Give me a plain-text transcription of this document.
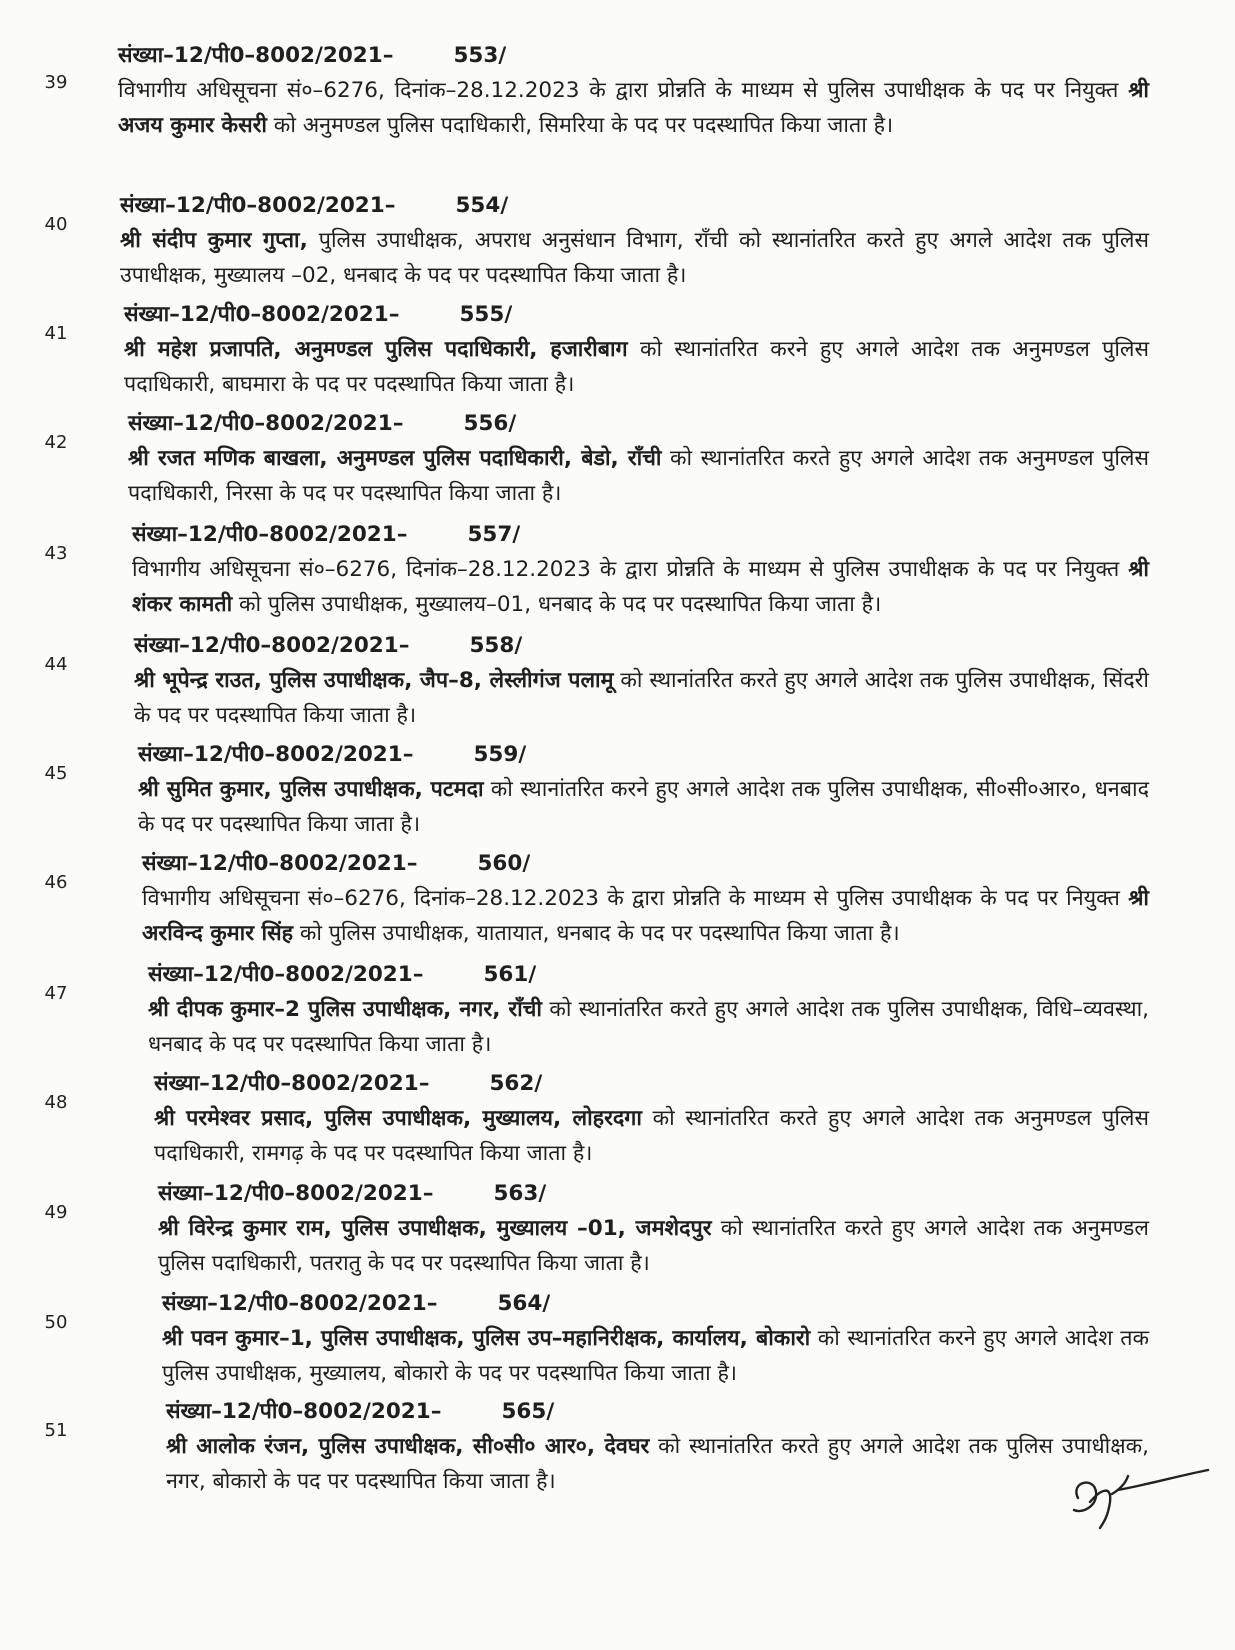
39
संख्या–12/पी0–8002/2021–	553/
विभागीय अधिसूचना सं०–6276, दिनांक–28.12.2023 के द्वारा प्रोन्नति के माध्यम से पुलिस उपाधीक्षक के पद पर नियुक्त श्री अजय कुमार केसरी को अनुमण्डल पुलिस पदाधिकारी, सिमरिया के पद पर पदस्थापित किया जाता है।
40
संख्या–12/पी0–8002/2021–	554/
श्री संदीप कुमार गुप्ता, पुलिस उपाधीक्षक, अपराध अनुसंधान विभाग, राँची को स्थानांतरित करते हुए अगले आदेश तक पुलिस उपाधीक्षक, मुख्यालय –02, धनबाद के पद पर पदस्थापित किया जाता है।
41
संख्या–12/पी0–8002/2021–	555/
श्री महेश प्रजापति, अनुमण्डल पुलिस पदाधिकारी, हजारीबाग को स्थानांतरित करने हुए अगले आदेश तक अनुमण्डल पुलिस पदाधिकारी, बाघमारा के पद पर पदस्थापित किया जाता है।
42
संख्या–12/पी0–8002/2021–	556/
श्री रजत मणिक बाखला, अनुमण्डल पुलिस पदाधिकारी, बेडो, राँची को स्थानांतरित करते हुए अगले आदेश तक अनुमण्डल पुलिस पदाधिकारी, निरसा के पद पर पदस्थापित किया जाता है।
43
संख्या–12/पी0–8002/2021–	557/
विभागीय अधिसूचना सं०–6276, दिनांक–28.12.2023 के द्वारा प्रोन्नति के माध्यम से पुलिस उपाधीक्षक के पद पर नियुक्त श्री शंकर कामती को पुलिस उपाधीक्षक, मुख्यालय–01, धनबाद के पद पर पदस्थापित किया जाता है।
44
संख्या–12/पी0–8002/2021–	558/
श्री भूपेन्द्र राउत, पुलिस उपाधीक्षक, जैप–8, लेस्लीगंज पलामू को स्थानांतरित करते हुए अगले आदेश तक पुलिस उपाधीक्षक, सिंदरी के पद पर पदस्थापित किया जाता है।
45
संख्या–12/पी0–8002/2021–	559/
श्री सुमित कुमार, पुलिस उपाधीक्षक, पटमदा को स्थानांतरित करने हुए अगले आदेश तक पुलिस उपाधीक्षक, सी०सी०आर०, धनबाद के पद पर पदस्थापित किया जाता है।
46
संख्या–12/पी0–8002/2021–	560/
विभागीय अधिसूचना सं०–6276, दिनांक–28.12.2023 के द्वारा प्रोन्नति के माध्यम से पुलिस उपाधीक्षक के पद पर नियुक्त श्री अरविन्द कुमार सिंह को पुलिस उपाधीक्षक, यातायात, धनबाद के पद पर पदस्थापित किया जाता है।
47
संख्या–12/पी0–8002/2021–	561/
श्री दीपक कुमार–2 पुलिस उपाधीक्षक, नगर, राँची को स्थानांतरित करते हुए अगले आदेश तक पुलिस उपाधीक्षक, विधि–व्यवस्था, धनबाद के पद पर पदस्थापित किया जाता है।
48
संख्या–12/पी0–8002/2021–	562/
श्री परमेश्वर प्रसाद, पुलिस उपाधीक्षक, मुख्यालय, लोहरदगा को स्थानांतरित करते हुए अगले आदेश तक अनुमण्डल पुलिस पदाधिकारी, रामगढ़ के पद पर पदस्थापित किया जाता है।
49
संख्या–12/पी0–8002/2021–	563/
श्री विरेन्द्र कुमार राम, पुलिस उपाधीक्षक, मुख्यालय –01, जमशेदपुर को स्थानांतरित करते हुए अगले आदेश तक अनुमण्डल पुलिस पदाधिकारी, पतरातु के पद पर पदस्थापित किया जाता है।
50
संख्या–12/पी0–8002/2021–	564/
श्री पवन कुमार–1, पुलिस उपाधीक्षक, पुलिस उप–महानिरीक्षक, कार्यालय, बोकारो को स्थानांतरित करने हुए अगले आदेश तक पुलिस उपाधीक्षक, मुख्यालय, बोकारो के पद पर पदस्थापित किया जाता है।
51
संख्या–12/पी0–8002/2021–	565/
श्री आलोक रंजन, पुलिस उपाधीक्षक, सी०सी० आर०, देवघर को स्थानांतरित करते हुए अगले आदेश तक पुलिस उपाधीक्षक, नगर, बोकारो के पद पर पदस्थापित किया जाता है।
